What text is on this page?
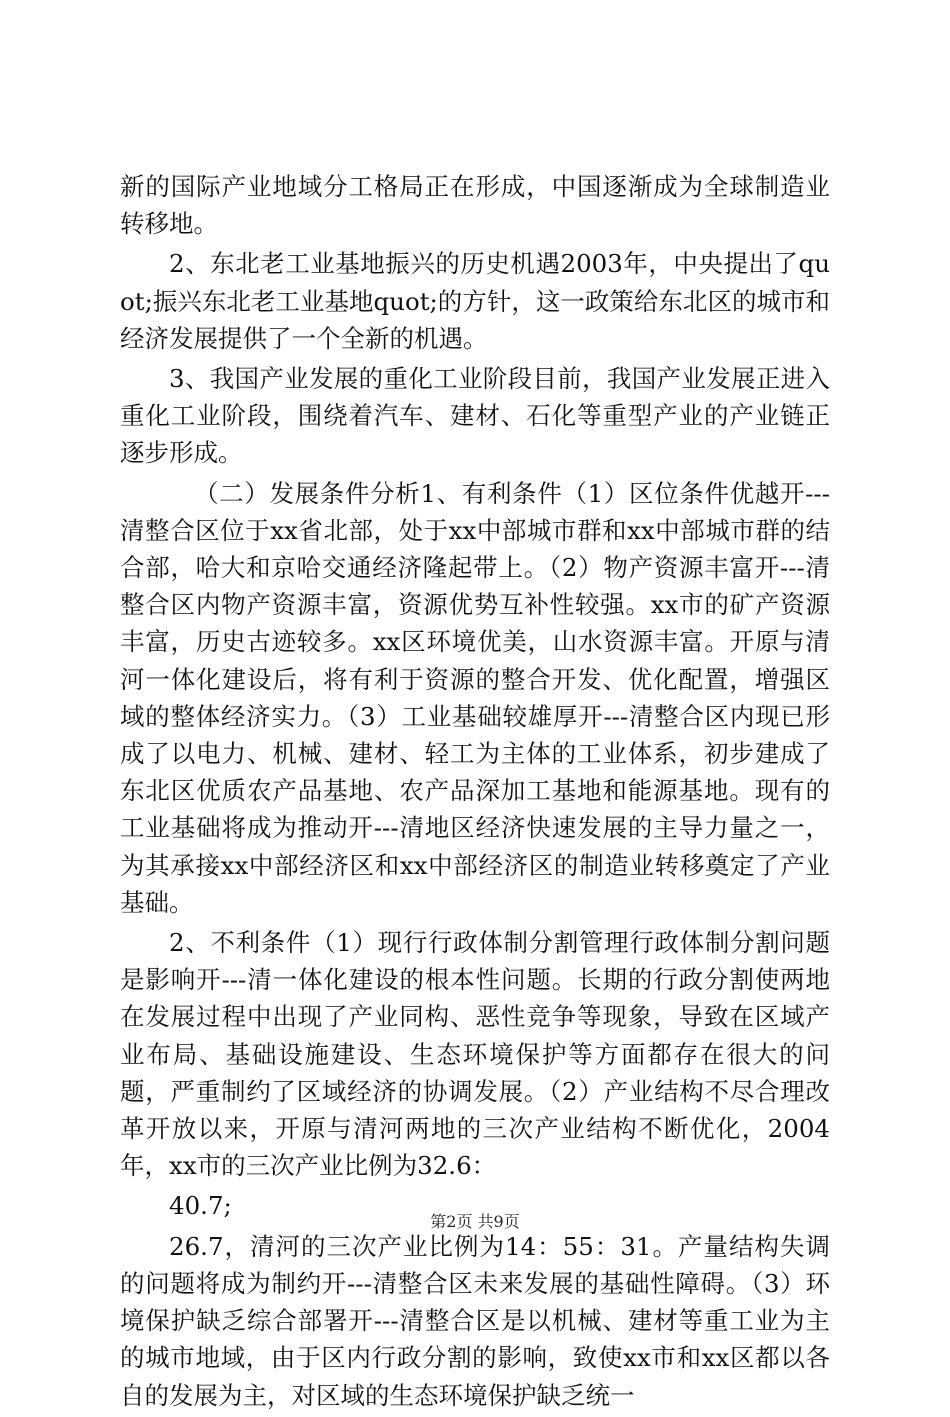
新的国际产业地域分工格局正在形成，中国逐渐成为全球制造业转移地。

2、东北老工业基地振兴的历史机遇2003年，中央提出了quot;振兴东北老工业基地quot;的方针，这一政策给东北区的城市和经济发展提供了一个全新的机遇。

3、我国产业发展的重化工业阶段目前，我国产业发展正进入重化工业阶段，围绕着汽车、建材、石化等重型产业的产业链正逐步形成。

（二）发展条件分析1、有利条件（1）区位条件优越开---清整合区位于xx省北部，处于xx中部城市群和xx中部城市群的结合部，哈大和京哈交通经济隆起带上。（2）物产资源丰富开---清整合区内物产资源丰富，资源优势互补性较强。xx市的矿产资源丰富，历史古迹较多。xx区环境优美，山水资源丰富。开原与清河一体化建设后，将有利于资源的整合开发、优化配置，增强区域的整体经济实力。（3）工业基础较雄厚开---清整合区内现已形成了以电力、机械、建材、轻工为主体的工业体系，初步建成了东北区优质农产品基地、农产品深加工基地和能源基地。现有的工业基础将成为推动开---清地区经济快速发展的主导力量之一，为其承接xx中部经济区和xx中部经济区的制造业转移奠定了产业基础。

2、不利条件（1）现行行政体制分割管理行政体制分割问题是影响开---清一体化建设的根本性问题。长期的行政分割使两地在发展过程中出现了产业同构、恶性竞争等现象，导致在区域产业布局、基础设施建设、生态环境保护等方面都存在很大的问题，严重制约了区域经济的协调发展。（2）产业结构不尽合理改革开放以来，开原与清河两地的三次产业结构不断优化，2004年，xx市的三次产业比例为32.6：

40.7;

26.7，清河的三次产业比例为14：55：31。产量结构失调的问题将成为制约开---清整合区未来发展的基础性障碍。（3）环境保护缺乏综合部署开---清整合区是以机械、建材等重工业为主的城市地域，由于区内行政分割的影响，致使xx市和xx区都以各自的发展为主，对区域的生态环境保护缺乏统一

第2页 共9页
